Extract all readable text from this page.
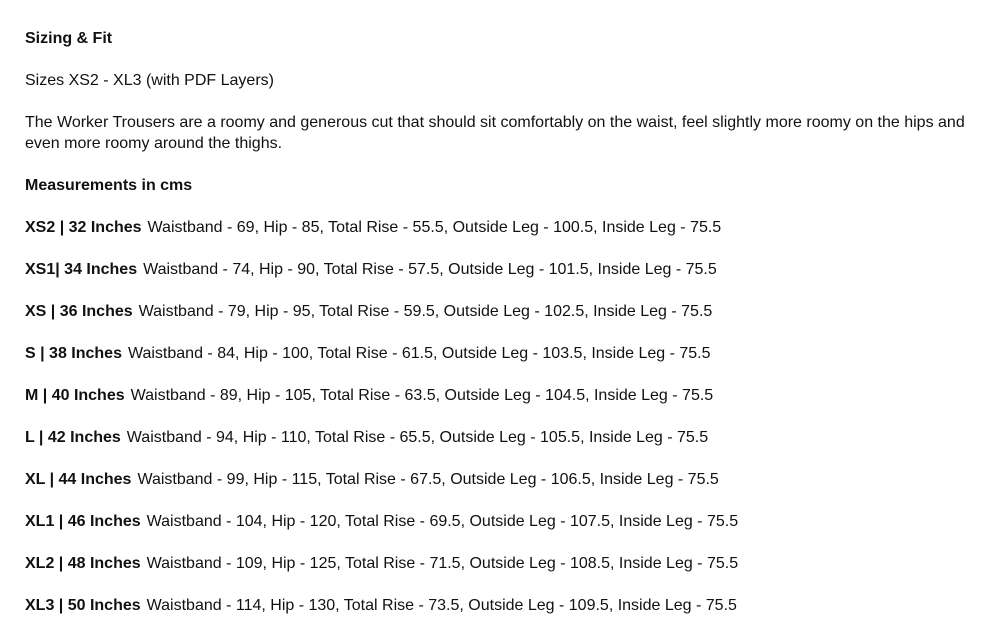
Sizing & Fit

Sizes XS2 - XL3 (with PDF Layers)

The Worker Trousers are a roomy and generous cut that should sit comfortably on the waist, feel slightly more roomy on the hips and even more roomy around the thighs.

Measurements in cms

XS2 | 32 Inches Waistband - 69, Hip - 85, Total Rise - 55.5, Outside Leg - 100.5, Inside Leg - 75.5

XS1| 34 Inches Waistband - 74, Hip - 90, Total Rise - 57.5, Outside Leg - 101.5, Inside Leg - 75.5

XS | 36 Inches Waistband - 79, Hip - 95, Total Rise - 59.5, Outside Leg - 102.5, Inside Leg - 75.5

S | 38 Inches Waistband - 84, Hip - 100, Total Rise - 61.5, Outside Leg - 103.5, Inside Leg - 75.5

M | 40 Inches Waistband - 89, Hip - 105, Total Rise - 63.5, Outside Leg - 104.5, Inside Leg - 75.5

L | 42 Inches Waistband - 94, Hip - 110, Total Rise - 65.5, Outside Leg - 105.5, Inside Leg - 75.5

XL | 44 Inches Waistband - 99, Hip - 115, Total Rise - 67.5, Outside Leg - 106.5, Inside Leg - 75.5

XL1 | 46 Inches Waistband - 104, Hip - 120, Total Rise - 69.5, Outside Leg - 107.5, Inside Leg - 75.5

XL2 | 48 Inches Waistband - 109, Hip - 125, Total Rise - 71.5, Outside Leg - 108.5, Inside Leg - 75.5

XL3 | 50 Inches Waistband - 114, Hip - 130, Total Rise - 73.5, Outside Leg - 109.5, Inside Leg - 75.5
